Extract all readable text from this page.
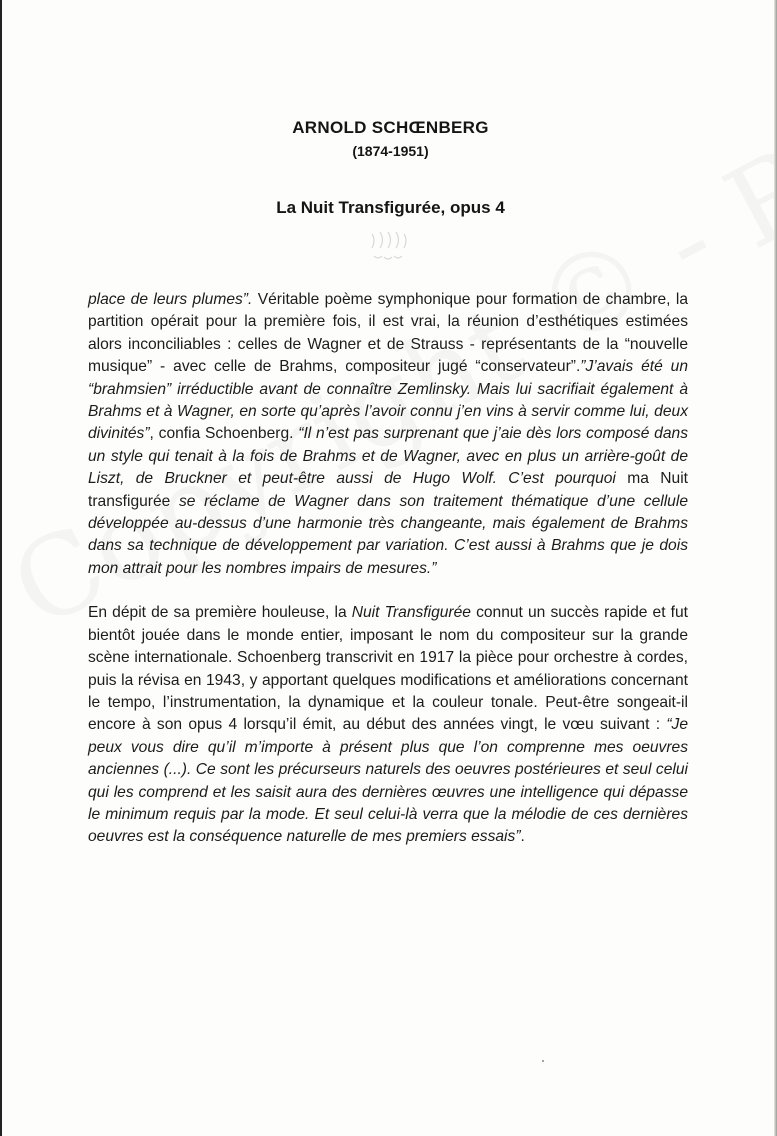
ARNOLD SCHŒNBERG

(1874-1951)

La Nuit Transfigurée, opus 4

place de leurs plumes”. Véritable poème symphonique pour formation de chambre, la partition opérait pour la première fois, il est vrai, la réunion d’esthétiques estimées alors inconciliables : celles de Wagner et de Strauss - représentants de la “nouvelle musique” - avec celle de Brahms, compositeur jugé “conservateur”.”J’avais été un “brahmsien” irréductible avant de connaître Zemlinsky. Mais lui sacrifiait également à Brahms et à Wagner, en sorte qu’après l’avoir connu j’en vins à servir comme lui, deux divinités”, confia Schoenberg. “Il n’est pas surprenant que j’aie dès lors composé dans un style qui tenait à la fois de Brahms et de Wagner, avec en plus un arrière-goût de Liszt, de Bruckner et peut-être aussi de Hugo Wolf. C’est pourquoi ma Nuit transfigurée se réclame de Wagner dans son traitement thématique d’une cellule développée au-dessus d’une harmonie très changeante, mais également de Brahms dans sa technique de développement par variation. C’est aussi à Brahms que je dois mon attrait pour les nombres impairs de mesures.”

En dépit de sa première houleuse, la Nuit Transfigurée connut un succès rapide et fut bientôt jouée dans le monde entier, imposant le nom du compositeur sur la grande scène internationale. Schoenberg transcrivit en 1917 la pièce pour orchestre à cordes, puis la révisa en 1943, y apportant quelques modifications et améliorations concernant le tempo, l’instrumentation, la dynamique et la couleur tonale. Peut-être songeait-il encore à son opus 4 lorsqu’il émit, au début des années vingt, le vœu suivant : “Je peux vous dire qu’il m’importe à présent plus que l’on comprenne mes oeuvres anciennes (...). Ce sont les précurseurs naturels des oeuvres postérieures et seul celui qui les comprend et les saisit aura des dernières œuvres une intelligence qui dépasse le minimum requis par la mode. Et seul celui-là verra que la mélodie de ces dernières oeuvres est la conséquence naturelle de mes premiers essais”.
